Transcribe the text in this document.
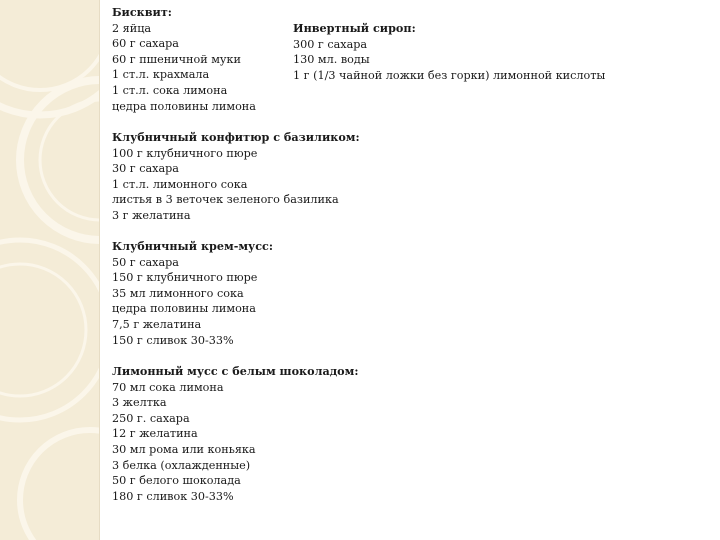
Бисквит:
2 яйца
60 г сахара
60 г пшеничной муки
1 ст.л. крахмала
1 ст.л. сока лимона
цедра половины лимона
Инвертный сироп:
300 г сахара
130 мл. воды
1 г (1/3 чайной ложки без горки) лимонной кислоты
Клубничный конфитюр с базиликом:
100 г клубничного пюре
30 г сахара
1 ст.л. лимонного сока
листья в 3 веточек зеленого базилика
3 г желатина
Клубничный крем-мусс:
50 г сахара
150 г клубничного пюре
35 мл лимонного сока
цедра половины лимона
7,5 г желатина
150 г сливок 30-33%
Лимонный мусс с белым шоколадом:
70 мл сока лимона
3 желтка
250 г. сахара
12 г желатина
30 мл рома или коньяка
3 белка (охлажденные)
50 г белого шоколада
180 г сливок 30-33%
